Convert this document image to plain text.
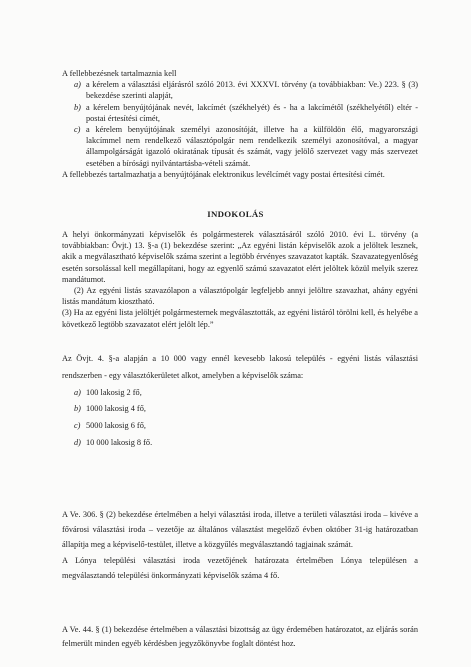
A fellebbezésnek tartalmaznia kell

a) a kérelem a választási eljárásról szóló 2013. évi XXXVI. törvény (a továbbiakban: Ve.) 223. § (3) bekezdése szerinti alapját,
b) a kérelem benyújtójának nevét, lakcímét (székhelyét) és - ha a lakcímétől (székhelyétől) eltér - postai értesítési címét,
c) a kérelem benyújtójának személyi azonosítóját, illetve ha a külföldön élő, magyarországi lakcímmel nem rendelkező választópolgár nem rendelkezik személyi azonosítóval, a magyar állampolgárságát igazoló okiratának típusát és számát, vagy jelölő szervezet vagy más szervezet esetében a bírósági nyilvántartásba-vételi számát.

A fellebbezés tartalmazhatja a benyújtójának elektronikus levélcímét vagy postai értesítési címét.

INDOKOLÁS

A helyi önkormányzati képviselők és polgármesterek választásáról szóló 2010. évi L. törvény (a továbbiakban: Övjt.) 13. §-a (1) bekezdése szerint: „Az egyéni listán képviselők azok a jelöltek lesznek, akik a megválasztható képviselők száma szerint a legtöbb érvényes szavazatot kapták. Szavazategyenlőség esetén sorsolással kell megállapítani, hogy az egyenlő számú szavazatot elért jelöltek közül melyik szerez mandátumot.

(2) Az egyéni listás szavazólapon a választópolgár legfeljebb annyi jelöltre szavazhat, ahány egyéni listás mandátum kiosztható.

(3) Ha az egyéni lista jelöltjét polgármesternek megválasztották, az egyéni listáról törölni kell, és helyébe a következő legtöbb szavazatot elért jelölt lép.”

Az Övjt. 4. §-a alapján a 10 000 vagy ennél kevesebb lakosú település - egyéni listás választási rendszerben - egy választókerületet alkot, amelyben a képviselők száma:

a) 100 lakosig 2 fő,
b) 1000 lakosig 4 fő,
c) 5000 lakosig 6 fő,
d) 10 000 lakosig 8 fő.

A Ve. 306. § (2) bekezdése értelmében a helyi választási iroda, illetve a területi választási iroda – kivéve a fővárosi választási iroda – vezetője az általános választást megelőző évben október 31-ig határozatban állapítja meg a képviselő-testület, illetve a közgyűlés megválasztandó tagjainak számát.

A Lónya települési választási iroda vezetőjének határozata értelmében Lónya településen a megválasztandó települési önkormányzati képviselők száma 4 fő.

A Ve. 44. § (1) bekezdése értelmében a választási bizottság az ügy érdemében határozatot, az eljárás során felmerült minden egyéb kérdésben jegyzőkönyvbe foglalt döntést hoz.
